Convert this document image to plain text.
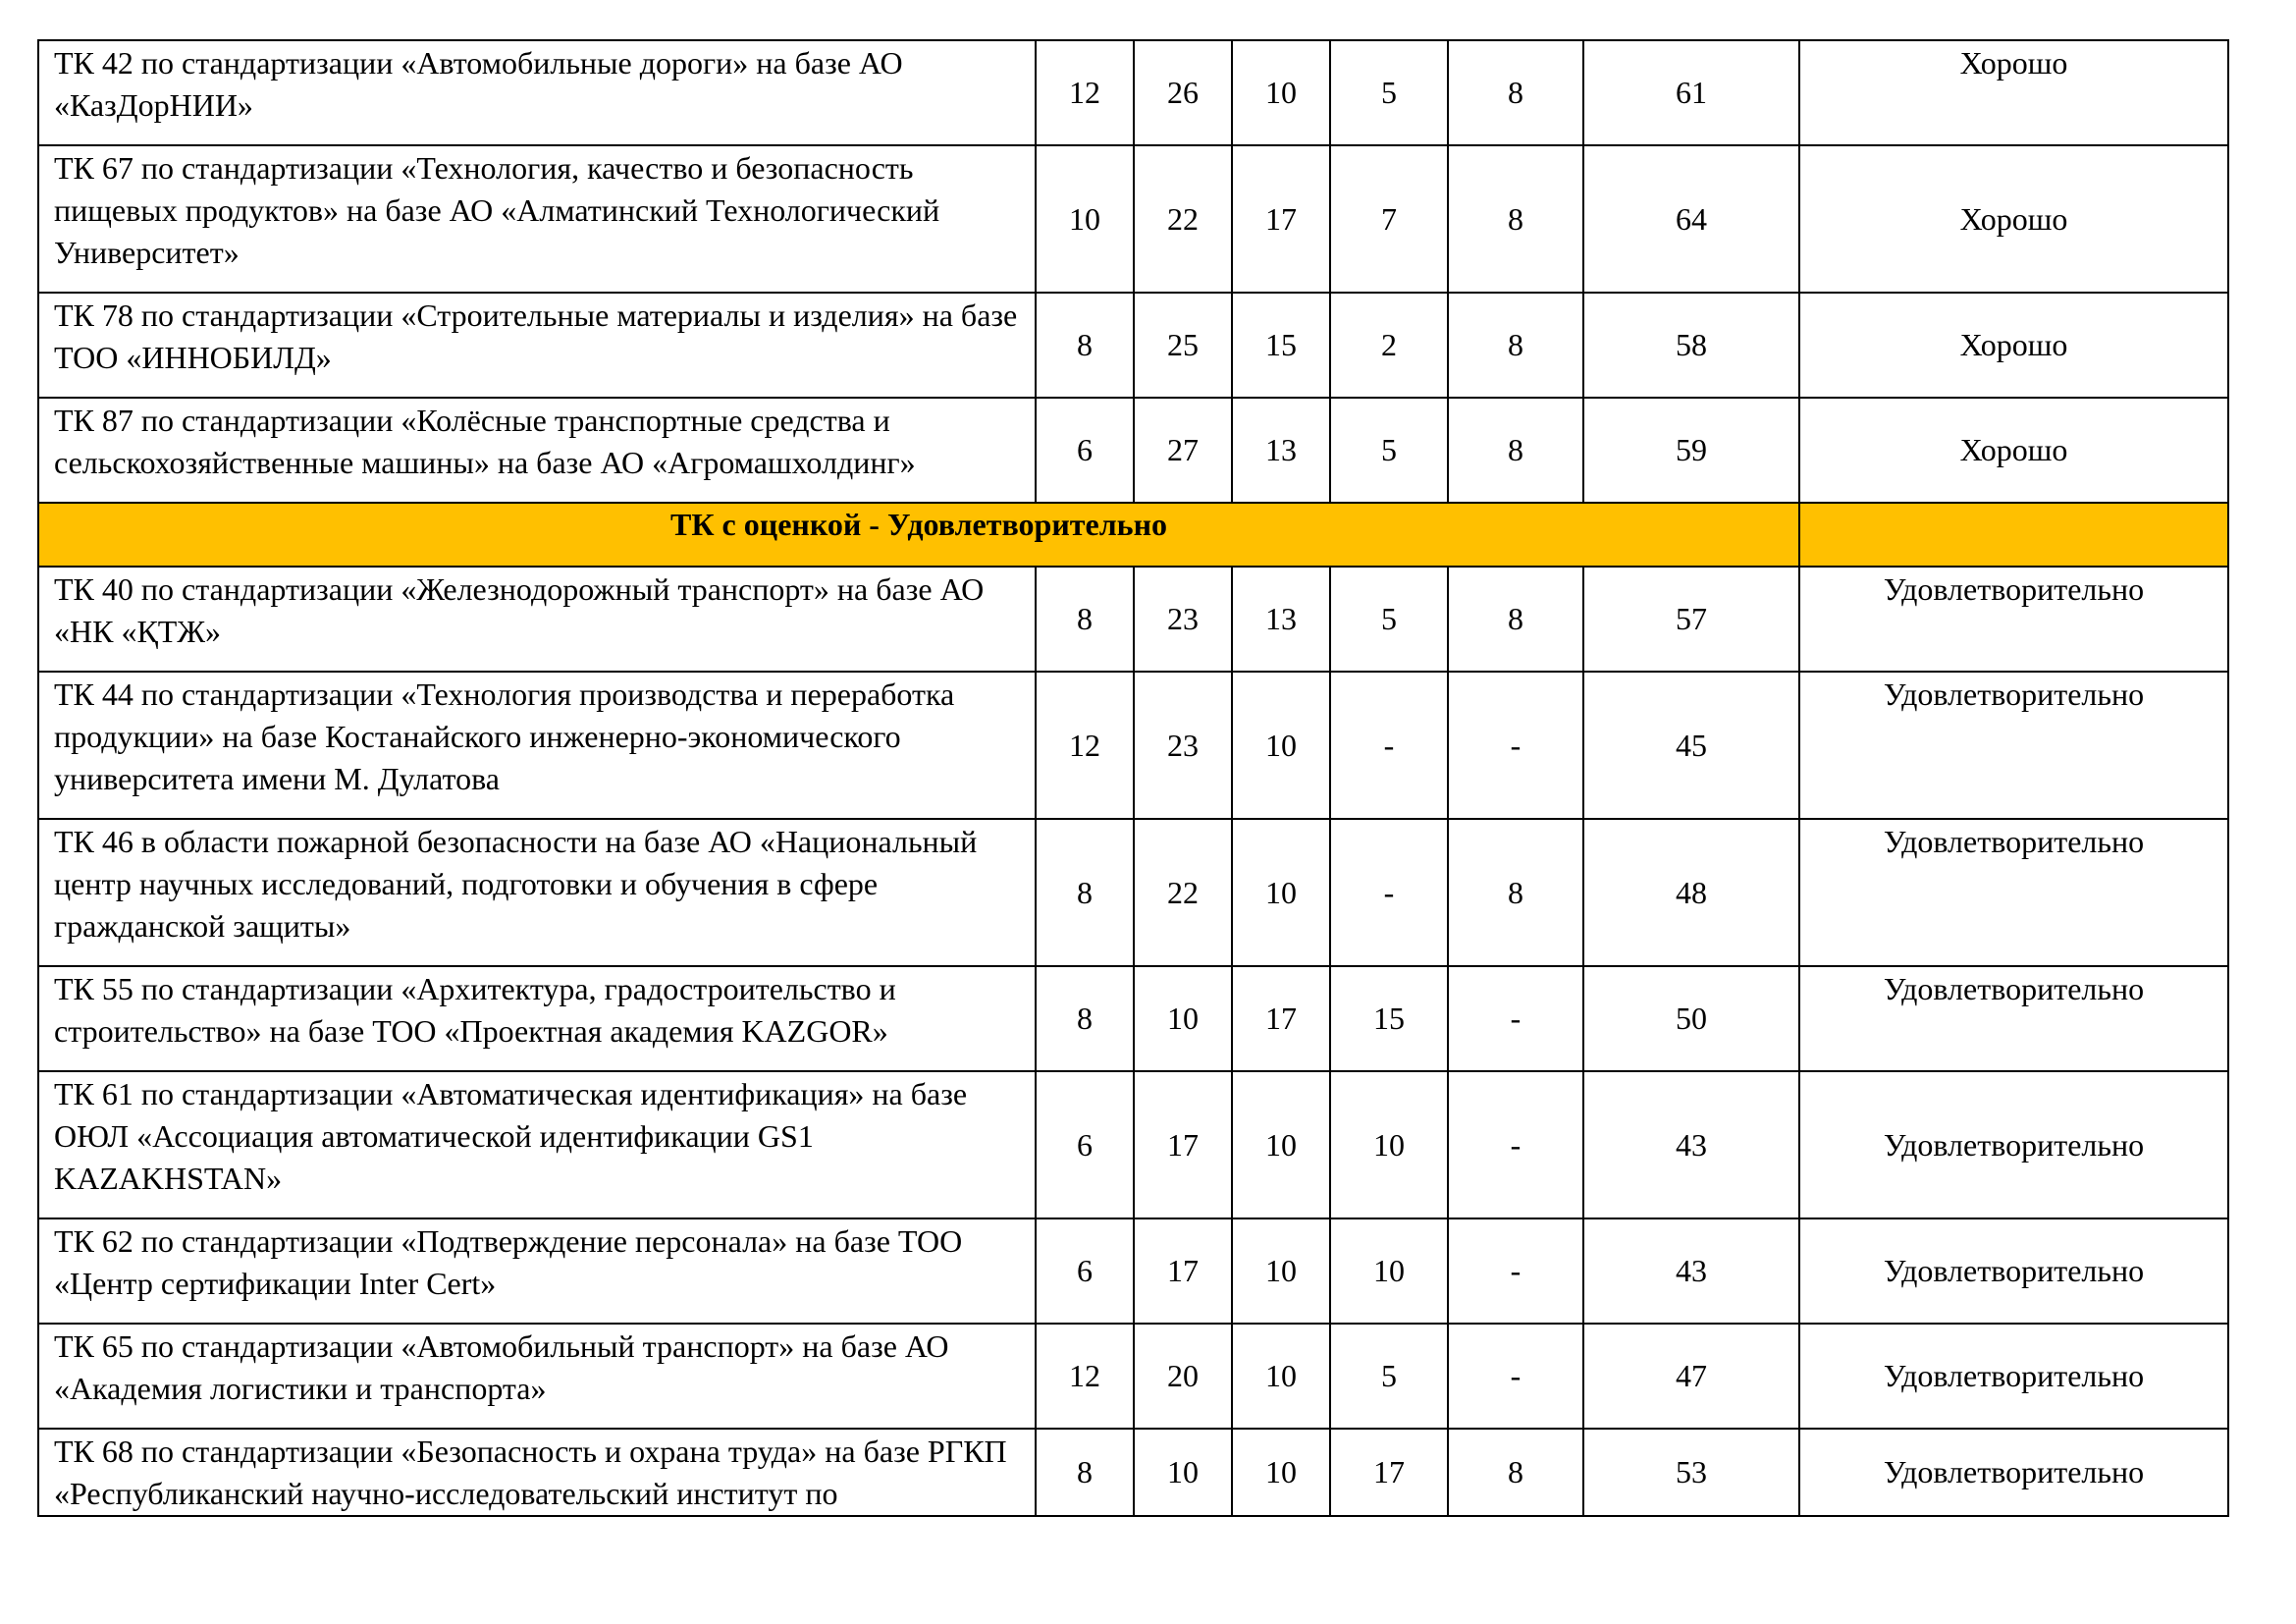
ТК 42 по стандартизации «Автомобильные дороги» на базе АО «КазДорНИИ»	12	26	10	5	8	61	Хорошо

ТК 67 по стандартизации «Технология, качество и безопасность пищевых продуктов» на базе АО «Алматинский Технологический Университет»	10	22	17	7	8	64	Хорошо

ТК 78 по стандартизации «Строительные материалы и изделия» на базе ТОО «ИННОБИЛД»	8	25	15	2	8	58	Хорошо

ТК 87 по стандартизации «Колёсные транспортные средства и сельскохозяйственные машины» на базе АО «Агромашхолдинг»	6	27	13	5	8	59	Хорошо
ТК с оценкой - Удовлетворительно							

ТК 40 по стандартизации «Железнодорожный транспорт» на базе АО «НК «ҚТЖ»	8	23	13	5	8	57	Удовлетворительно

ТК 44 по стандартизации «Технология производства и переработка продукции» на базе Костанайского инженерно-экономического университета имени М. Дулатова	12	23	10	-	-	45	Удовлетворительно

ТК 46 в области пожарной безопасности на базе АО «Национальный центр научных исследований, подготовки и обучения в сфере гражданской защиты»	8	22	10	-	8	48	Удовлетворительно

ТК 55 по стандартизации «Архитектура, градостроительство и строительство» на базе ТОО «Проектная академия KAZGOR»	8	10	17	15	-	50	Удовлетворительно

ТК 61 по стандартизации «Автоматическая идентификация» на базе ОЮЛ «Ассоциация автоматической идентификации GS1 KAZAKHSTAN»	6	17	10	10	-	43	Удовлетворительно

ТК 62 по стандартизации «Подтверждение персонала» на базе ТОО «Центр сертификации Inter Cert»	6	17	10	10	-	43	Удовлетворительно

ТК 65 по стандартизации «Автомобильный транспорт» на базе АО «Академия логистики и транспорта»	12	20	10	5	-	47	Удовлетворительно

ТК 68 по стандартизации «Безопасность и охрана труда» на базе РГКП «Республиканский научно-исследовательский институт по	8	10	10	17	8	53	Удовлетворительно
